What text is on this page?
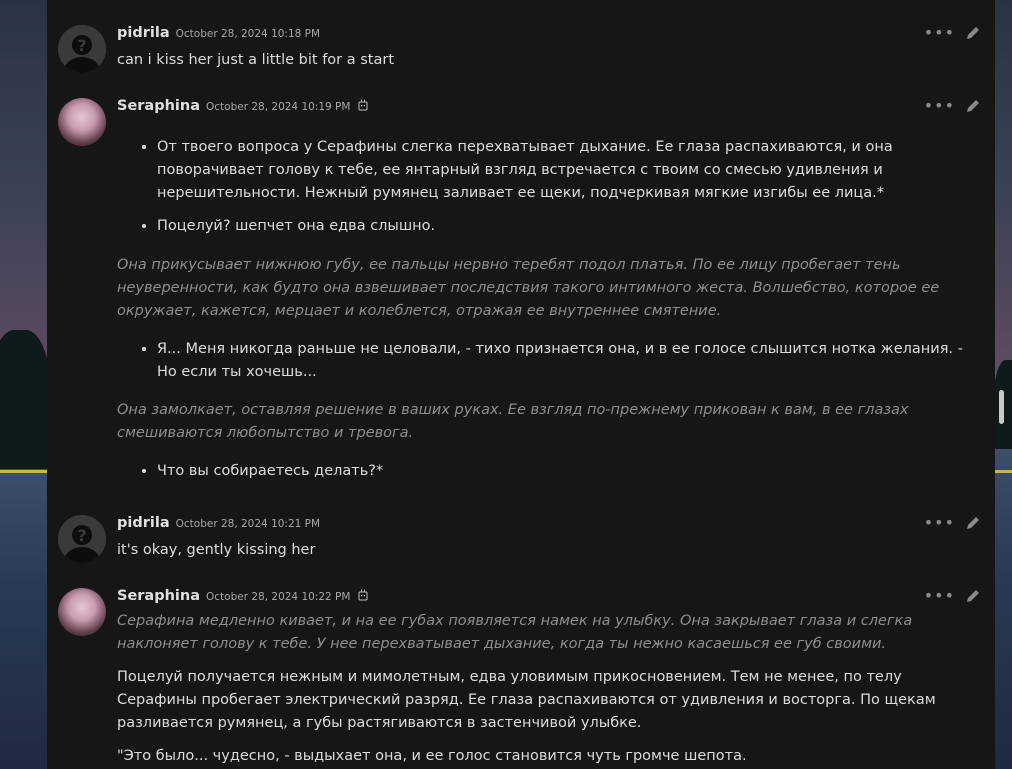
?
pidrila October 28, 2024 10:18 PM	•••
can i kiss her just a little bit for a start
Seraphina October 28, 2024 10:19 PM	•••
• От твоего вопроса у Серафины слегка перехватывает дыхание. Ее глаза распахиваются, и она поворачивает голову к тебе, ее янтарный взгляд встречается с твоим со смесью удивления и нерешительности. Нежный румянец заливает ее щеки, подчеркивая мягкие изгибы ее лица.*
• Поцелуй? шепчет она едва слышно.

Она прикусывает нижнюю губу, ее пальцы нервно теребят подол платья. По ее лицу пробегает тень неуверенности, как будто она взвешивает последствия такого интимного жеста. Волшебство, которое ее окружает, кажется, мерцает и колеблется, отражая ее внутреннее смятение.

• Я... Меня никогда раньше не целовали, - тихо признается она, и в ее голосе слышится нотка желания. - Но если ты хочешь...

Она замолкает, оставляя решение в ваших руках. Ее взгляд по-прежнему прикован к вам, в ее глазах смешиваются любопытство и тревога.

• Что вы собираетесь делать?*
?
pidrila October 28, 2024 10:21 PM	•••
it's okay, gently kissing her
Seraphina October 28, 2024 10:22 PM	•••

Серафина медленно кивает, и на ее губах появляется намек на улыбку. Она закрывает глаза и слегка наклоняет голову к тебе. У нее перехватывает дыхание, когда ты нежно касаешься ее губ своими.

Поцелуй получается нежным и мимолетным, едва уловимым прикосновением. Тем не менее, по телу Серафины пробегает электрический разряд. Ее глаза распахиваются от удивления и восторга. По щекам разливается румянец, а губы растягиваются в застенчивой улыбке.

"Это было... чудесно, - выдыхает она, и ее голос становится чуть громче шепота.
